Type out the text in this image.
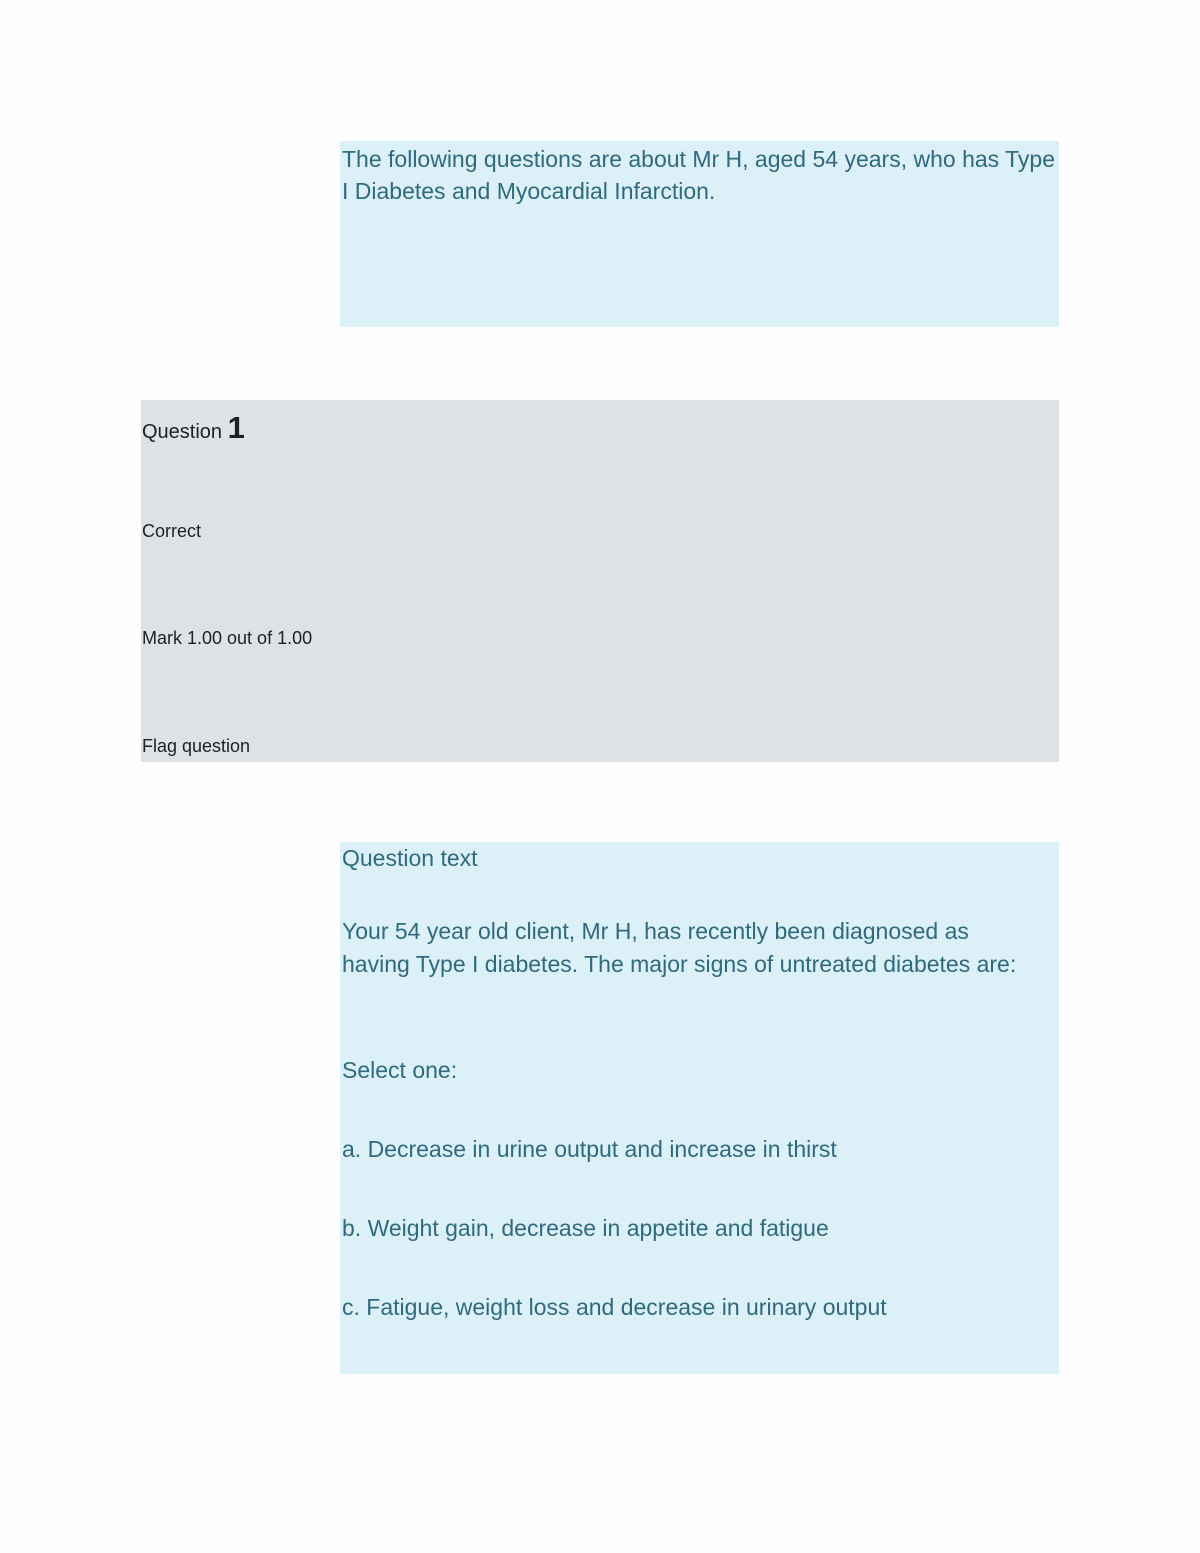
The following questions are about Mr H, aged 54 years, who has Type I Diabetes and Myocardial Infarction.

Question 1
Correct
Mark 1.00 out of 1.00
Flag question

Question text

Your 54 year old client, Mr H, has recently been diagnosed as having Type I diabetes. The major signs of untreated diabetes are:

Select one:

a. Decrease in urine output and increase in thirst
b. Weight gain, decrease in appetite and fatigue
c. Fatigue, weight loss and decrease in urinary output
